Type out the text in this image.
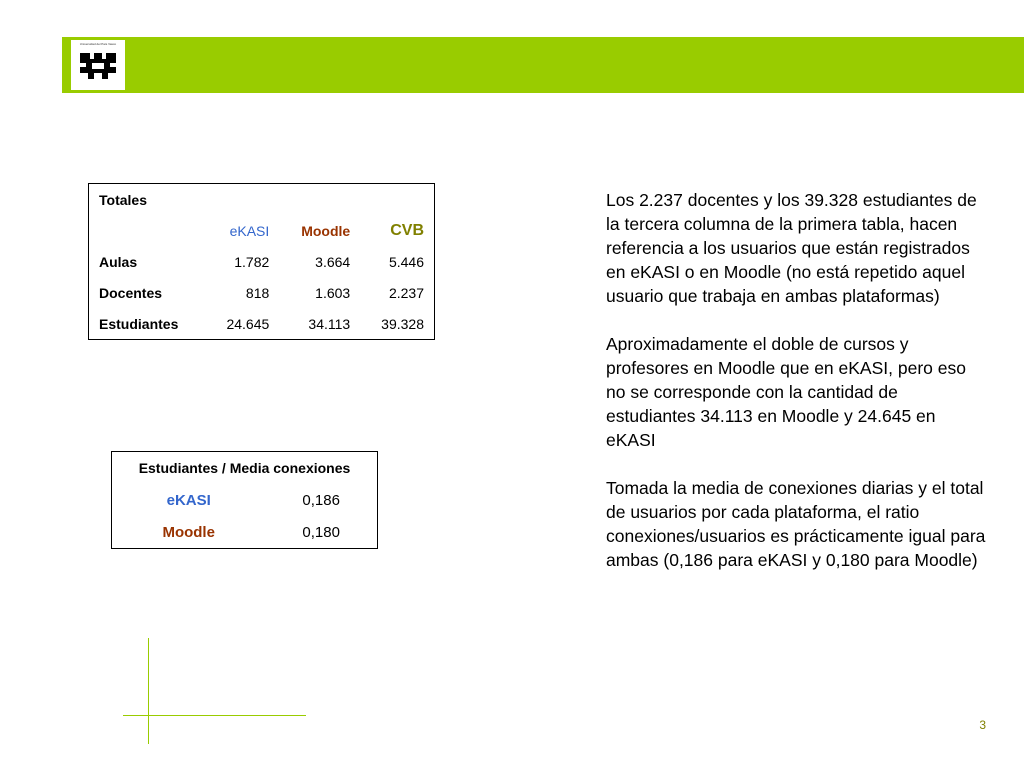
Universidad del País Vasco
Totales			
	eKASI	Moodle	CVB
Aulas	1.782	3.664	5.446
Docentes	818	1.603	2.237
Estudiantes	24.645	34.113	39.328
Estudiantes / Media conexiones	
eKASI	0,186
Moodle	0,180

Los 2.237 docentes y los 39.328 estudiantes de la tercera columna de la primera tabla, hacen referencia a los usuarios que están registrados en eKASI o en Moodle (no está repetido aquel usuario que trabaja en ambas plataformas)

Aproximadamente el doble de cursos y profesores en Moodle que en eKASI, pero eso no se corresponde con la cantidad de estudiantes 34.113 en Moodle y 24.645 en eKASI

Tomada la media de conexiones diarias y el total de usuarios por cada plataforma, el ratio conexiones/usuarios es prácticamente igual para ambas (0,186 para eKASI y 0,180 para Moodle)

3
